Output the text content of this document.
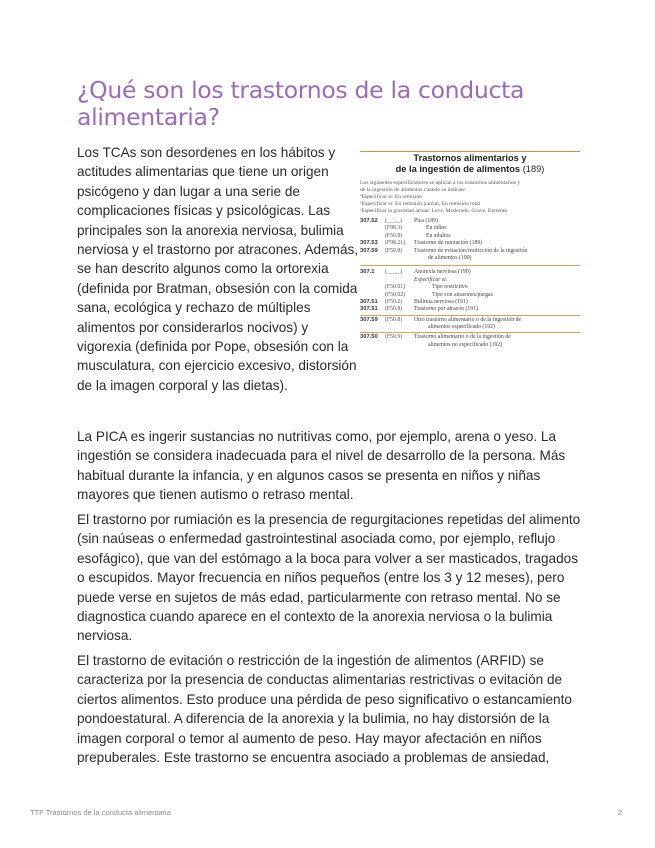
¿Qué son los trastornos de la conducta alimentaria?

Los TCAs son desordenes en los hábitos y actitudes alimentarias que tiene un origen psicógeno y dan lugar a una serie de complicaciones físicas y psicológicas. Las principales son la anorexia nerviosa, bulimia nerviosa y el trastorno por atracones. Además, se han descrito algunos como la ortorexia (definida por Bratman, obsesión con la comida sana, ecológica y rechazo de múltiples alimentos por considerarlos nocivos) y vigorexia (definida por Pope, obsesión con la musculatura, con ejercicio excesivo, distorsión de la imagen corporal y las dietas).

Trastornos alimentarios y
de la ingestión de alimentos (189)
Los siguientes especificadores se aplican a los trastornos alimentarios y
de la ingestión de alimentos cuando se indican:
ªEspecificar si: En remisión
ᵇEspecificar si: En remisión parcial, En remisión total
ᶜEspecificar la gravedad actual: Leve, Moderado, Grave, Extremo
307.52 (___._) Pica (189)
(F98.3)	En niños
(F50.8)	En adultos
307.53 (F98.21) Trastorno de rumiación (189)
307.59 (F50.8) Trastorno de evitación/restricción de la ingestión
de alimentos (190)
307.1 (___._) Anorexia nerviosa (190)
Especificar si:
(F50.01)	Tipo restrictivo
(F50.02)	Tipo con atracones/purgas
307.51 (F50.2) Bulimia nerviosa (191)
307.51 (F50.8) Trastorno por atracón (191)
307.59 (F50.8) Otro trastorno alimentario o de la ingestión de
alimentos especificado (192)
307.50 (F50.9) Trastorno alimentario o de la ingestión de
alimentos no especificado (192)

La PICA es ingerir sustancias no nutritivas como, por ejemplo, arena o yeso. La ingestión se considera inadecuada para el nivel de desarrollo de la persona. Más habitual durante la infancia, y en algunos casos se presenta en niños y niñas mayores que tienen autismo o retraso mental.

El trastorno por rumiación es la presencia de regurgitaciones repetidas del alimento (sin naúseas o enfermedad gastrointestinal asociada como, por ejemplo, reflujo esofágico), que van del estómago a la boca para volver a ser masticados, tragados o escupidos. Mayor frecuencia en niños pequeños (entre los 3 y 12 meses), pero puede verse en sujetos de más edad, particularmente con retraso mental. No se diagnostica cuando aparece en el contexto de la anorexia nerviosa o la bulimia nerviosa.

El trastorno de evitación o restricción de la ingestión de alimentos (ARFID) se caracteriza por la presencia de conductas alimentarias restrictivas o evitación de ciertos alimentos. Esto produce una pérdida de peso significativo o estancamiento pondoestatural. A diferencia de la anorexia y la bulimia, no hay distorsión de la imagen corporal o temor al aumento de peso. Hay mayor afectación en niños prepuberales. Este trastorno se encuentra asociado a problemas de ansiedad,

TTF Trastornos de la conducta alimentaria	2
